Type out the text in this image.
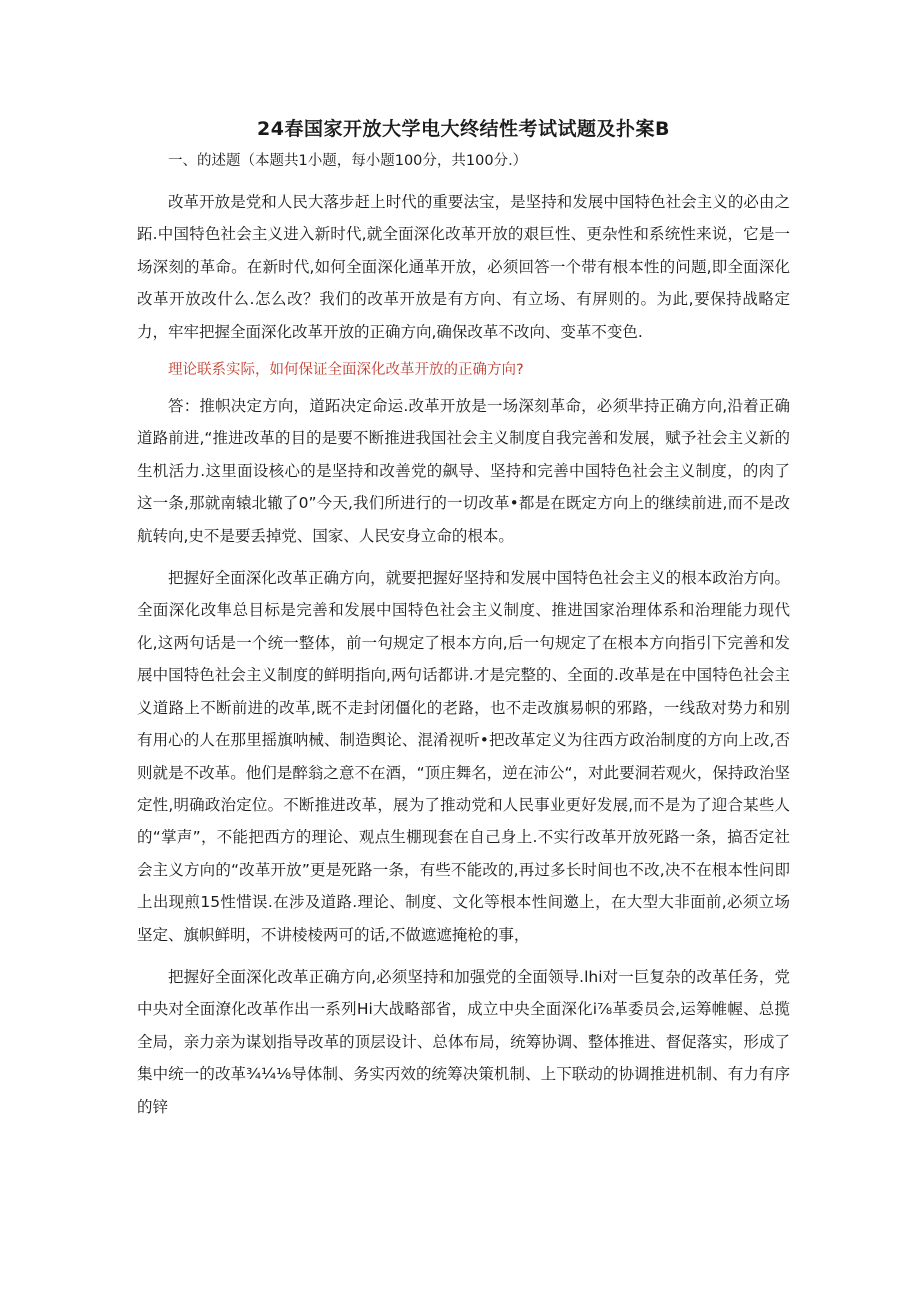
24春国家开放大学电大终结性考试试题及扑案B

一、的述题（本题共1小题，每小题100分，共100分.）

改革开放是党和人民大落步赶上时代的重要法宝，是坚持和发展中国特色社会主义的必由之跖.中国特色社会主义进入新时代,就全面深化改革开放的艰巨性、更杂性和系统性来说，它是一场深刻的革命。在新时代,如何全面深化通革开放，必须回答一个带有根本性的问题,即全面深化改革开放改什么.怎么改？我们的改革开放是有方向、有立场、有屏则的。为此,要保持战略定力，牢牢把握全面深化改革开放的正确方向,确保改革不改向、变革不变色.

理论联系实际，如何保证全面深化改革开放的正确方向?

答：推帜决定方向，道跖决定命运.改革开放是一场深刻革命，必须芈持正确方向,沿着正确道路前进,“推进改革的目的是要不断推进我国社会主义制度自我完善和发展，赋予社会主义新的生机活力.这里面设核心的是坚持和改善党的飙导、坚持和完善中国特色社会主义制度，的肉了这一条,那就南辕北辙了0”今天,我们所进行的一切改革•都是在既定方向上的继续前进,而不是改航转向,史不是要丢掉党、国家、人民安身立命的根本。

把握好全面深化改革正确方向，就要把握好坚持和发展中国特色社会主义的根本政治方向。全面深化改隼总目标是完善和发展中国特色社会主义制度、推进国家治理体系和治理能力现代化,这两句话是一个统一整体，前一句规定了根本方向,后一句规定了在根本方向指引下完善和发展中国特色社会主义制度的鲜明指向,两句话都讲.才是完整的、全面的.改革是在中国特色社会主义道路上不断前进的改革,既不走封闭僵化的老路，也不走改旗易帜的邪路，一线敌对势力和别有用心的人在那里摇旗呐械、制造舆论、混淆视听•把改革定义为往西方政治制度的方向上改,否则就是不改革。他们是醉翁之意不在酒，“顶庄舞名，逆在沛公“，对此要洞若观火，保持政治坚定性,明确政治定位。不断推进改革，展为了推动党和人民事业更好发展,而不是为了迎合某些人的“掌声”，不能把西方的理论、观点生棚现套在自己身上.不实行改革开放死路一条，搞否定社会主义方向的“改革开放”更是死路一条，有些不能改的,再过多长时间也不改,决不在根本性问即上出现煎15性惜误.在涉及道路.理论、制度、文化等根本性间邀上，在大型大非面前,必须立场坚定、旗帜鲜明，不讲棱棱两可的话,不做遮遮掩枪的事，

把握好全面深化改革正确方向,必须坚持和加强党的全面领导.lhi对一巨复杂的改革任务，党中央对全面潦化改革作出一系列Hi大战略部省，成立中央全面深化i⅞革委员会,运筹帷幄、总揽全局，亲力亲为谋划指导改革的顶层设计、总体布局，统筹协调、整体推进、督促落实，形成了集中统一的改革¾¼⅛导体制、务实丙效的统筹决策机制、上下联动的协调推进机制、有力有序的锌
